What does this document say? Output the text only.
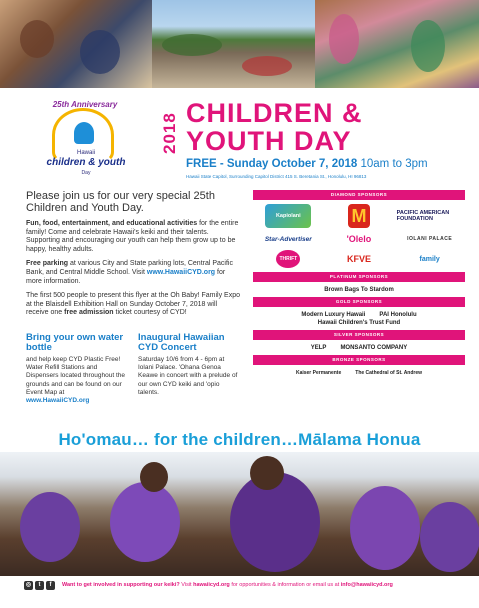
25th Anniversary
Hawaii
children & youth
Day
2018 CHILDREN &
YOUTH DAY
FREE - Sunday October 7, 2018 10am to 3pm
Hawaii State Capitol, Surrounding Capitol District 415 S. Beretania St., Honolulu, HI 96813

Please join us for our very special 25th Children and Youth Day.

Fun, food, entertainment, and educational activities for the entire family! Come and celebrate Hawaii's keiki and their talents. Supporting and encouraging our youth can help them grow up to be happy, healthy adults.

Free parking at various City and State parking lots, Central Pacific Bank, and Central Middle School. Visit www.HawaiiCYD.org for more information.

The first 500 people to present this flyer at the Oh Baby! Family Expo at the Blaisdell Exhibition Hall on Sunday October 7, 2018 will receive one free admission ticket courtesy of CYD!

Bring your own water bottle

and help keep CYD Plastic Free! Water Refill Stations and Dispensers located throughout the grounds and can be found on our Event Map at www.HawaiiCYD.org

Inaugural Hawaiian CYD Concert

Saturday 10/6 from 4 - 6pm at Iolani Palace. 'Ohana Genoa Keawe in concert with a prelude of our own CYD keiki and 'opio talents.

DIAMOND SPONSORS
Kapiolani	M	PACIFIC AMERICAN FOUNDATION
Star-Advertiser	'Olelo	IOLANI PALACE
THRIFT	KFVE	family
PLATINUM SPONSORS
Brown Bags To Stardom
GOLD SPONSORS
Modern Luxury Hawaii PAI Honolulu
Hawaii Children's Trust Fund
SILVER SPONSORS
YELP MONSANTO COMPANY
BRONZE SPONSORS
Kaiser Permanente	The Cathedral of St. Andrew
Ho'omau… for the children…Mālama Honua
◎	t	f	Want to get involved in supporting our keiki? Visit hawaiicyd.org for opportunities & information or email us at info@hawaiicyd.org
